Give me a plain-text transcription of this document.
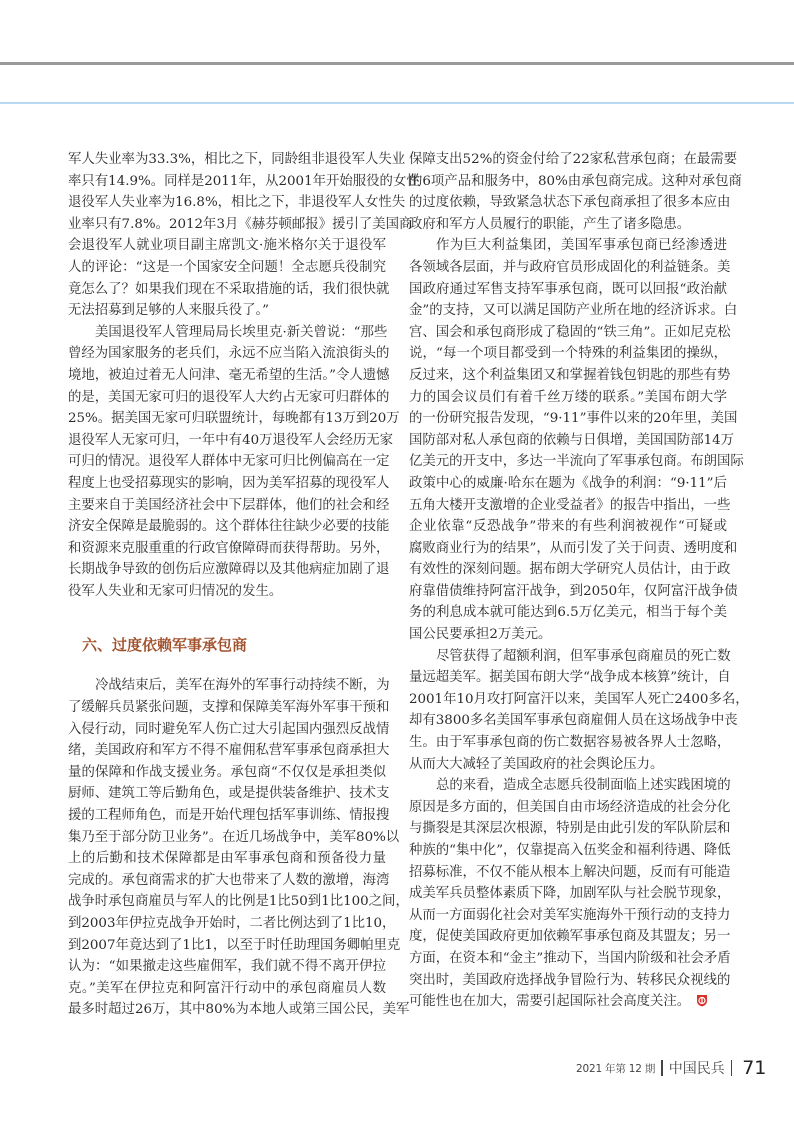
军人失业率为33.3%，相比之下，同龄组非退役军人失业
率只有14.9%。同样是2011年，从2001年开始服役的女性
退役军人失业率为16.8%，相比之下，非退役军人女性失
业率只有7.8%。2012年3月《赫芬顿邮报》援引了美国商
会退役军人就业项目副主席凯文·施米格尔关于退役军
人的评论：“这是一个国家安全问题！全志愿兵役制究
竟怎么了？如果我们现在不采取措施的话，我们很快就
无法招募到足够的人来服兵役了。”
美国退役军人管理局局长埃里克·新关曾说：“那些
曾经为国家服务的老兵们，永远不应当陷入流浪街头的
境地，被迫过着无人问津、毫无希望的生活。”令人遗憾
的是，美国无家可归的退役军人大约占无家可归群体的
25%。据美国无家可归联盟统计，每晚都有13万到20万
退役军人无家可归，一年中有40万退役军人会经历无家
可归的情况。退役军人群体中无家可归比例偏高在一定
程度上也受招募现实的影响，因为美军招募的现役军人
主要来自于美国经济社会中下层群体，他们的社会和经
济安全保障是最脆弱的。这个群体往往缺少必要的技能
和资源来克服重重的行政官僚障碍而获得帮助。另外，
长期战争导致的创伤后应激障碍以及其他病症加剧了退
役军人失业和无家可归情况的发生。
六、过度依赖军事承包商
冷战结束后，美军在海外的军事行动持续不断，为
了缓解兵员紧张问题，支撑和保障美军海外军事干预和
入侵行动，同时避免军人伤亡过大引起国内强烈反战情
绪，美国政府和军方不得不雇佣私营军事承包商承担大
量的保障和作战支援业务。承包商“不仅仅是承担类似
厨师、建筑工等后勤角色，或是提供装备维护、技术支
援的工程师角色，而是开始代理包括军事训练、情报搜
集乃至于部分防卫业务”。在近几场战争中，美军80%以
上的后勤和技术保障都是由军事承包商和预备役力量
完成的。承包商需求的扩大也带来了人数的激增，海湾
战争时承包商雇员与军人的比例是1比50到1比100之间，
到2003年伊拉克战争开始时，二者比例达到了1比10，
到2007年竟达到了1比1，以至于时任助理国务卿帕里克
认为：“如果撤走这些雇佣军，我们就不得不离开伊拉
克。”美军在伊拉克和阿富汗行动中的承包商雇员人数
最多时超过26万，其中80%为本地人或第三国公民，美军
保障支出52%的资金付给了22家私营承包商；在最需要
的6项产品和服务中，80%由承包商完成。这种对承包商
的过度依赖，导致紧急状态下承包商承担了很多本应由
政府和军方人员履行的职能，产生了诸多隐患。
作为巨大利益集团，美国军事承包商已经渗透进
各领域各层面，并与政府官员形成固化的利益链条。美
国政府通过军售支持军事承包商，既可以回报“政治献
金”的支持，又可以满足国防产业所在地的经济诉求。白
宫、国会和承包商形成了稳固的“铁三角”。正如尼克松
说，“每一个项目都受到一个特殊的利益集团的操纵，
反过来，这个利益集团又和掌握着钱包钥匙的那些有势
力的国会议员们有着千丝万缕的联系。”美国布朗大学
的一份研究报告发现，“9·11”事件以来的20年里，美国
国防部对私人承包商的依赖与日俱增，美国国防部14万
亿美元的开支中，多达一半流向了军事承包商。布朗国际
政策中心的威廉·哈东在题为《战争的利润：“9·11”后
五角大楼开支激增的企业受益者》的报告中指出，一些
企业依靠“反恐战争”带来的有些利润被视作“可疑或
腐败商业行为的结果”，从而引发了关于问责、透明度和
有效性的深刻问题。据布朗大学研究人员估计，由于政
府靠借债维持阿富汗战争，到2050年，仅阿富汗战争债
务的利息成本就可能达到6.5万亿美元，相当于每个美
国公民要承担2万美元。
尽管获得了超额利润，但军事承包商雇员的死亡数
量远超美军。据美国布朗大学“战争成本核算”统计，自
2001年10月攻打阿富汗以来，美国军人死亡2400多名，
却有3800多名美国军事承包商雇佣人员在这场战争中丧
生。由于军事承包商的伤亡数据容易被各界人士忽略，
从而大大减轻了美国政府的社会舆论压力。
总的来看，造成全志愿兵役制面临上述实践困境的
原因是多方面的，但美国自由市场经济造成的社会分化
与撕裂是其深层次根源，特别是由此引发的军队阶层和
种族的“集中化”，仅靠提高入伍奖金和福利待遇、降低
招募标准，不仅不能从根本上解决问题，反而有可能造
成美军兵员整体素质下降，加剧军队与社会脱节现象，
从而一方面弱化社会对美军实施海外干预行动的支持力
度，促使美国政府更加依赖军事承包商及其盟友；另一
方面，在资本和“金主”推动下，当国内阶级和社会矛盾
突出时，美国政府选择战争冒险行为、转移民众视线的
可能性也在加大，需要引起国际社会高度关注。
2021 年第 12 期 中国民兵 71
